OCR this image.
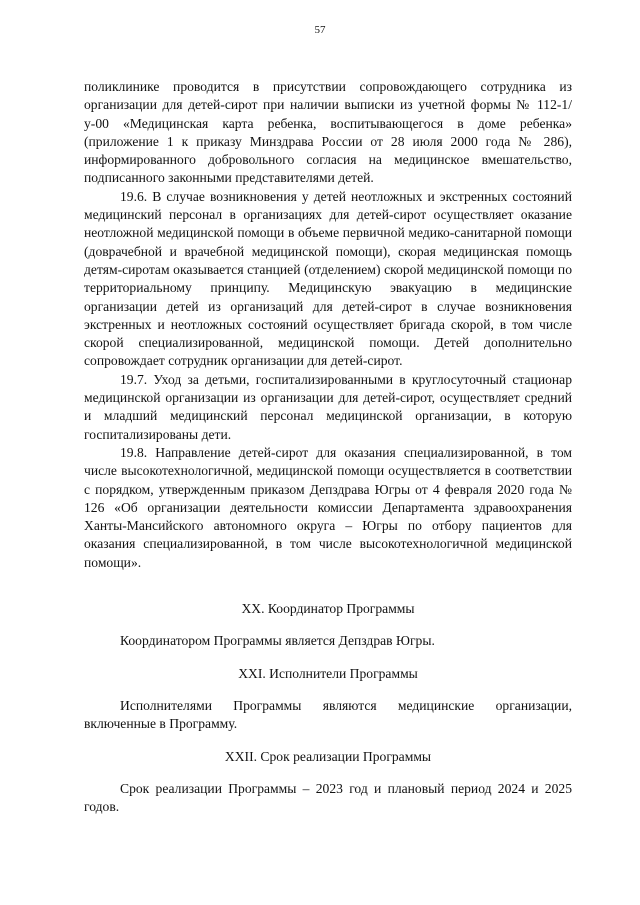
57

поликлинике проводится в присутствии сопровождающего сотрудника из организации для детей-сирот при наличии выписки из учетной формы № 112-1/у-00 «Медицинская карта ребенка, воспитывающегося в доме ребенка» (приложение 1 к приказу Минздрава России от 28 июля 2000 года № 286), информированного добровольного согласия на медицинское вмешательство, подписанного законными представителями детей.

19.6. В случае возникновения у детей неотложных и экстренных состояний медицинский персонал в организациях для детей-сирот осуществляет оказание неотложной медицинской помощи в объеме первичной медико-санитарной помощи (доврачебной и врачебной медицинской помощи), скорая медицинская помощь детям-сиротам оказывается станцией (отделением) скорой медицинской помощи по территориальному принципу. Медицинскую эвакуацию в медицинские организации детей из организаций для детей-сирот в случае возникновения экстренных и неотложных состояний осуществляет бригада скорой, в том числе скорой специализированной, медицинской помощи. Детей дополнительно сопровождает сотрудник организации для детей-сирот.

19.7. Уход за детьми, госпитализированными в круглосуточный стационар медицинской организации из организации для детей-сирот, осуществляет средний и младший медицинский персонал медицинской организации, в которую госпитализированы дети.

19.8. Направление детей-сирот для оказания специализированной, в том числе высокотехнологичной, медицинской помощи осуществляется в соответствии с порядком, утвержденным приказом Депздрава Югры от 4 февраля 2020 года № 126 «Об организации деятельности комиссии Департамента здравоохранения Ханты-Мансийского автономного округа – Югры по отбору пациентов для оказания специализированной, в том числе высокотехнологичной медицинской помощи».

XX. Координатор Программы

Координатором Программы является Депздрав Югры.

XXI. Исполнители Программы

Исполнителями Программы являются медицинские организации, включенные в Программу.

XXII. Срок реализации Программы

Срок реализации Программы – 2023 год и плановый период 2024 и 2025 годов.
